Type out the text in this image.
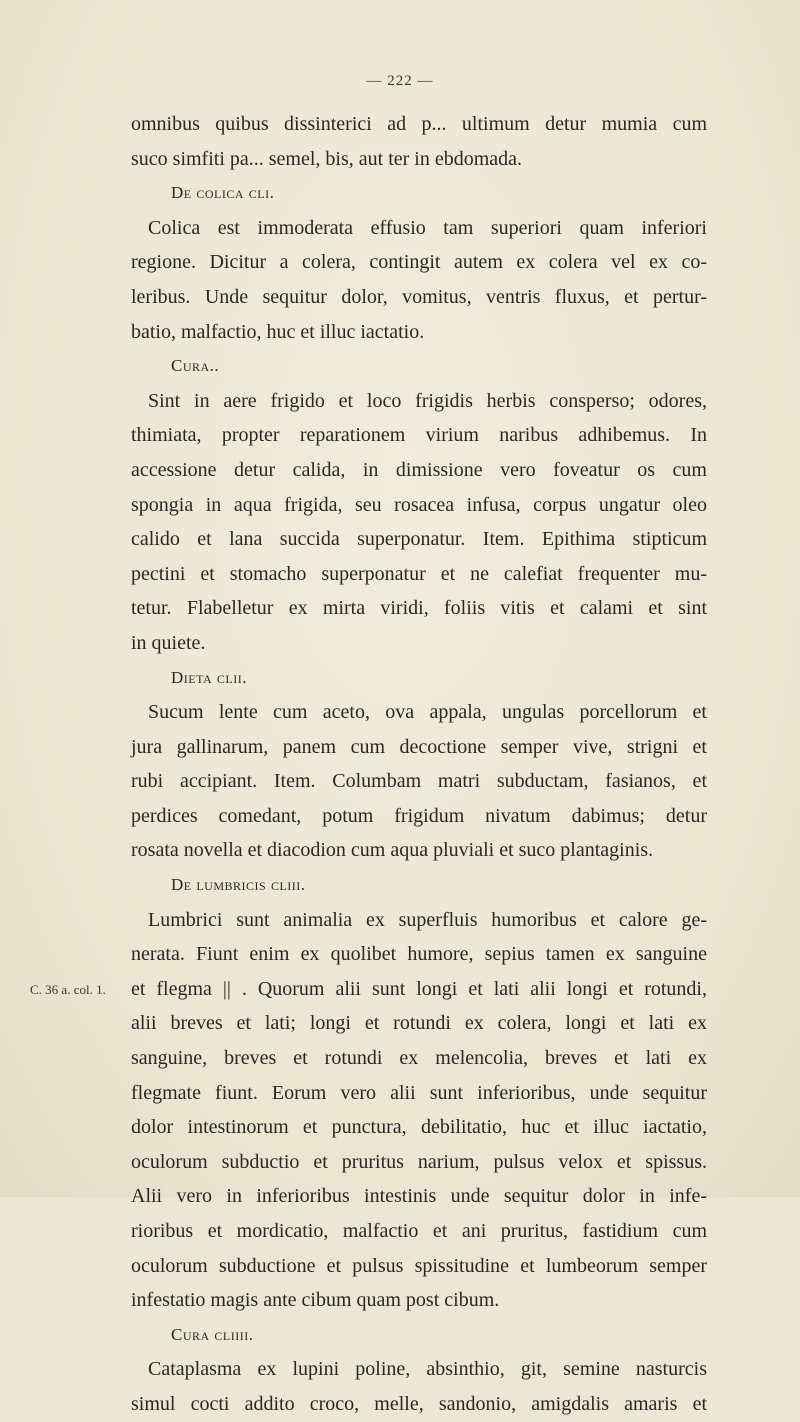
— 222 —
C. 36 a. col. 1.
omnibus quibus dissinterici ad p... ultimum detur mumia cum
suco simfiti pa... semel, bis, aut ter in ebdomada.
De colica cli.
Colica est immoderata effusio tam superiori quam inferiori
regione. Dicitur a colera, contingit autem ex colera vel ex co-
leribus. Unde sequitur dolor, vomitus, ventris fluxus, et pertur-
batio, malfactio, huc et illuc iactatio.
Cura..
Sint in aere frigido et loco frigidis herbis consperso; odores,
thimiata, propter reparationem virium naribus adhibemus. In
accessione detur calida, in dimissione vero foveatur os cum
spongia in aqua frigida, seu rosacea infusa, corpus ungatur oleo
calido et lana succida superponatur. Item. Epithima stipticum
pectini et stomacho superponatur et ne calefiat frequenter mu-
tetur. Flabelletur ex mirta viridi, foliis vitis et calami et sint
in quiete.
Dieta clii.
Sucum lente cum aceto, ova appala, ungulas porcellorum et
jura gallinarum, panem cum decoctione semper vive, strigni et
rubi accipiant. Item. Columbam matri subductam, fasianos, et
perdices comedant, potum frigidum nivatum dabimus; detur
rosata novella et diacodion cum aqua pluviali et suco plantaginis.
De lumbricis cliii.
Lumbrici sunt animalia ex superfluis humoribus et calore ge-
nerata. Fiunt enim ex quolibet humore, sepius tamen ex sanguine
et flegma || . Quorum alii sunt longi et lati alii longi et rotundi,
alii breves et lati; longi et rotundi ex colera, longi et lati ex
sanguine, breves et rotundi ex melencolia, breves et lati ex
flegmate fiunt. Eorum vero alii sunt inferioribus, unde sequitur
dolor intestinorum et punctura, debilitatio, huc et illuc iactatio,
oculorum subductio et pruritus narium, pulsus velox et spissus.
Alii vero in inferioribus intestinis unde sequitur dolor in infe-
rioribus et mordicatio, malfactio et ani pruritus, fastidium cum
oculorum subductione et pulsus spissitudine et lumbeorum semper
infestatio magis ante cibum quam post cibum.
Cura cliiii.
Cataplasma ex lupini poline, absinthio, git, semine nasturcis
simul cocti addito croco, melle, sandonio, amigdalis amaris et
